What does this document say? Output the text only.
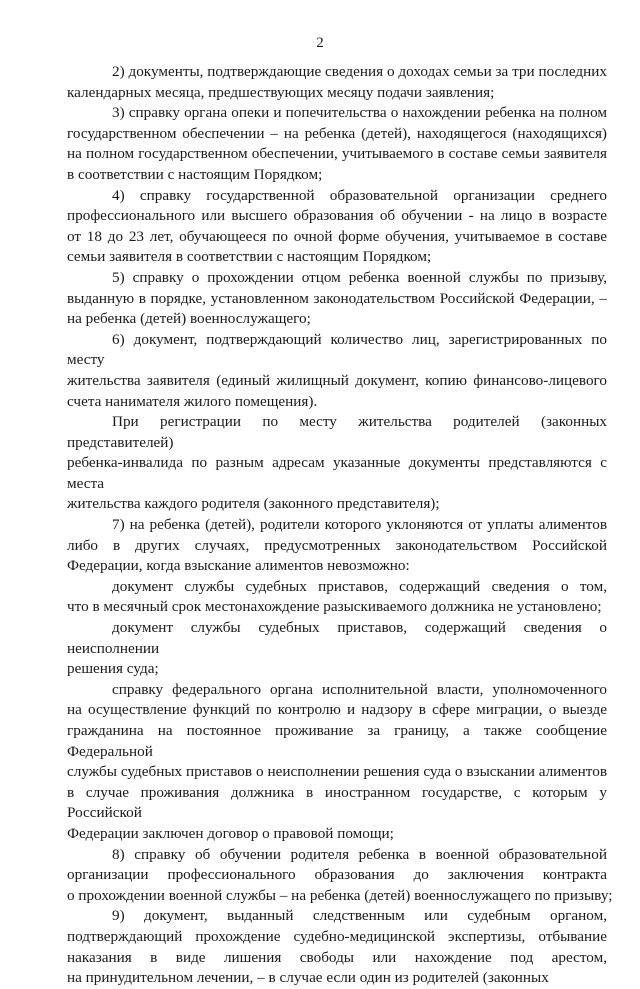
2

2) документы, подтверждающие сведения о доходах семьи за три последних
календарных месяца, предшествующих месяцу подачи заявления;

3) справку органа опеки и попечительства о нахождении ребенка на полном
государственном обеспечении – на ребенка (детей), находящегося (находящихся)
на полном государственном обеспечении, учитываемого в составе семьи заявителя
в соответствии с настоящим Порядком;

4) справку государственной образовательной организации среднего
профессионального или высшего образования об обучении - на лицо в возрасте
от 18 до 23 лет, обучающееся по очной форме обучения, учитываемое в составе
семьи заявителя в соответствии с настоящим Порядком;

5) справку о прохождении отцом ребенка военной службы по призыву,
выданную в порядке, установленном законодательством Российской Федерации, –
на ребенка (детей) военнослужащего;

6) документ, подтверждающий количество лиц, зарегистрированных по месту
жительства заявителя (единый жилищный документ, копию финансово-лицевого
счета нанимателя жилого помещения).

При регистрации по месту жительства родителей (законных представителей)
ребенка-инвалида по разным адресам указанные документы представляются с места
жительства каждого родителя (законного представителя);

7) на ребенка (детей), родители которого уклоняются от уплаты алиментов
либо в других случаях, предусмотренных законодательством Российской
Федерации, когда взыскание алиментов невозможно:

документ службы судебных приставов, содержащий сведения о том,
что в месячный срок местонахождение разыскиваемого должника не установлено;

документ службы судебных приставов, содержащий сведения о неисполнении
решения суда;

справку федерального органа исполнительной власти, уполномоченного
на осуществление функций по контролю и надзору в сфере миграции, о выезде
гражданина на постоянное проживание за границу, а также сообщение Федеральной
службы судебных приставов о неисполнении решения суда о взыскании алиментов
в случае проживания должника в иностранном государстве, с которым у Российской
Федерации заключен договор о правовой помощи;

8) справку об обучении родителя ребенка в военной образовательной
организации профессионального образования до заключения контракта
о прохождении военной службы – на ребенка (детей) военнослужащего по призыву;

9) документ, выданный следственным или судебным органом,
подтверждающий прохождение судебно-медицинской экспертизы, отбывание
наказания в виде лишения свободы или нахождение под арестом,
на принудительном лечении, – в случае если один из родителей (законных
